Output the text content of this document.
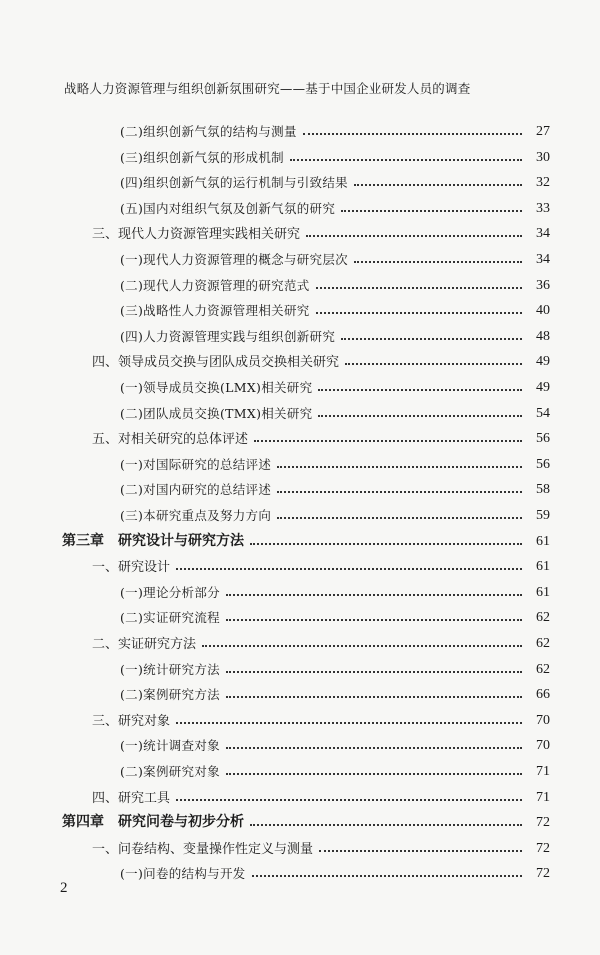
战略人力资源管理与组织创新氛围研究——基于中国企业研发人员的调查
(二)组织创新气氛的结构与测量	27
(三)组织创新气氛的形成机制	30
(四)组织创新气氛的运行机制与引致结果	32
(五)国内对组织气氛及创新气氛的研究	33
三、现代人力资源管理实践相关研究	34
(一)现代人力资源管理的概念与研究层次	34
(二)现代人力资源管理的研究范式	36
(三)战略性人力资源管理相关研究	40
(四)人力资源管理实践与组织创新研究	48
四、领导成员交换与团队成员交换相关研究	49
(一)领导成员交换(LMX)相关研究	49
(二)团队成员交换(TMX)相关研究	54
五、对相关研究的总体评述	56
(一)对国际研究的总结评述	56
(二)对国内研究的总结评述	58
(三)本研究重点及努力方向	59
第三章　研究设计与研究方法	61
一、研究设计	61
(一)理论分析部分	61
(二)实证研究流程	62
二、实证研究方法	62
(一)统计研究方法	62
(二)案例研究方法	66
三、研究对象	70
(一)统计调查对象	70
(二)案例研究对象	71
四、研究工具	71
第四章　研究问卷与初步分析	72
一、问卷结构、变量操作性定义与测量	72
(一)问卷的结构与开发	72
2
